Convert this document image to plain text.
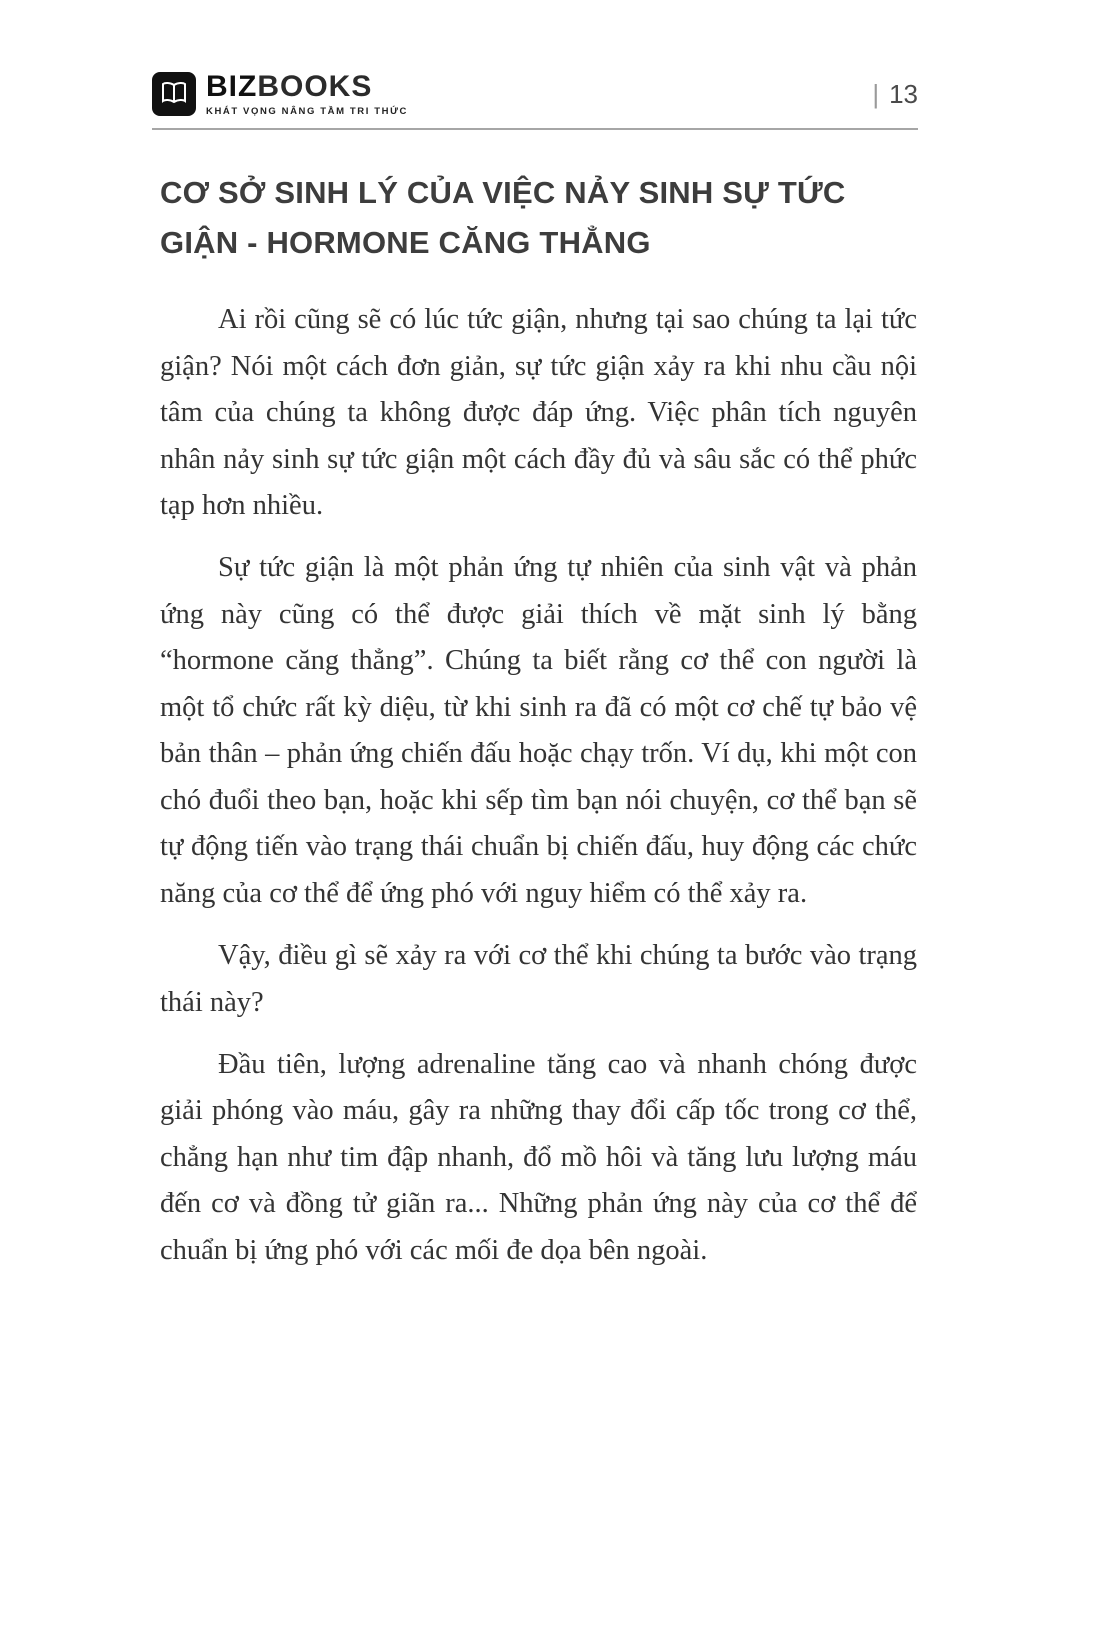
BIZBOOKS
KHÁT VỌNG NÂNG TẦM TRI THỨC
| 13
CƠ SỞ SINH LÝ CỦA VIỆC NẢY SINH SỰ TỨC GIẬN - HORMONE CĂNG THẲNG

Ai rồi cũng sẽ có lúc tức giận, nhưng tại sao chúng ta lại tức giận? Nói một cách đơn giản, sự tức giận xảy ra khi nhu cầu nội tâm của chúng ta không được đáp ứng. Việc phân tích nguyên nhân nảy sinh sự tức giận một cách đầy đủ và sâu sắc có thể phức tạp hơn nhiều.

Sự tức giận là một phản ứng tự nhiên của sinh vật và phản ứng này cũng có thể được giải thích về mặt sinh lý bằng “hormone căng thẳng”. Chúng ta biết rằng cơ thể con người là một tổ chức rất kỳ diệu, từ khi sinh ra đã có một cơ chế tự bảo vệ bản thân – phản ứng chiến đấu hoặc chạy trốn. Ví dụ, khi một con chó đuổi theo bạn, hoặc khi sếp tìm bạn nói chuyện, cơ thể bạn sẽ tự động tiến vào trạng thái chuẩn bị chiến đấu, huy động các chức năng của cơ thể để ứng phó với nguy hiểm có thể xảy ra.

Vậy, điều gì sẽ xảy ra với cơ thể khi chúng ta bước vào trạng thái này?

Đầu tiên, lượng adrenaline tăng cao và nhanh chóng được giải phóng vào máu, gây ra những thay đổi cấp tốc trong cơ thể, chẳng hạn như tim đập nhanh, đổ mồ hôi và tăng lưu lượng máu đến cơ và đồng tử giãn ra... Những phản ứng này của cơ thể để chuẩn bị ứng phó với các mối đe dọa bên ngoài.
